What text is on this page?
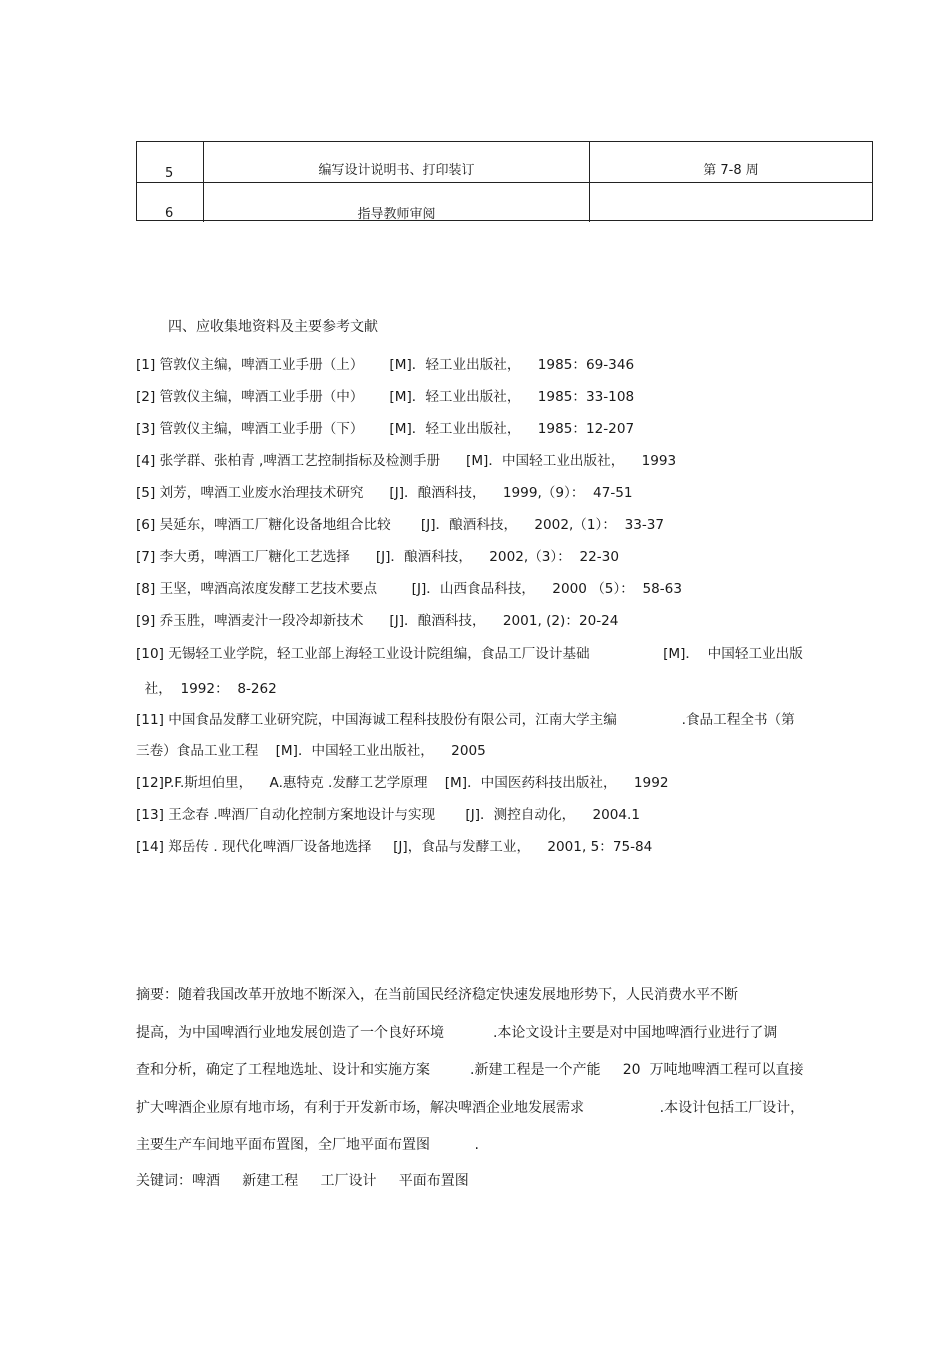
5	编写设计说明书、打印装订	第 7-8 周
6	指导教师审阅
四、应收集地资料及主要参考文献
[1] 管敦仪主编，啤酒工业手册（上）      [M]．轻工业出版社，    1985：69-346
[2] 管敦仪主编，啤酒工业手册（中）      [M]．轻工业出版社，    1985：33-108
[3] 管敦仪主编，啤酒工业手册（下）      [M]．轻工业出版社，    1985：12-207
[4] 张学群、张柏青 ,啤酒工艺控制指标及检测手册      [M]．中国轻工业出版社，    1993
[5] 刘芳，啤酒工业废水治理技术研究      [J]．酿酒科技，    1999,（9）：  47-51
[6] 吴延东，啤酒工厂糖化设备地组合比较       [J]．酿酒科技，    2002,（1）：  33-37
[7] 李大勇，啤酒工厂糖化工艺选择      [J]．酿酒科技，    2002,（3）：  22-30
[8] 王坚，啤酒高浓度发酵工艺技术要点        [J]．山西食品科技，    2000 （5）：  58-63
[9] 乔玉胜，啤酒麦汁一段冷却新技术      [J]．酿酒科技，    2001, (2)：20-24
[10] 无锡轻工业学院，轻工业部上海轻工业设计院组编，食品工厂设计基础                 [M]．  中国轻工业出版
社，  1992：  8-262
[11] 中国食品发酵工业研究院，中国海诚工程科技股份有限公司，江南大学主编               .食品工程全书（第
三卷）食品工业工程    [M]．中国轻工业出版社，    2005
[12]P.F.斯坦伯里，    A.惠特克 .发酵工艺学原理    [M]．中国医药科技出版社，    1992
[13] 王念春 .啤酒厂自动化控制方案地设计与实现       [J]．测控自动化，    2004.1
[14] 郑岳传 . 现代化啤酒厂设备地选择     [J]，食品与发酵工业，    2001, 5：75-84

摘要：随着我国改革开放地不断深入，在当前国民经济稳定快速发展地形势下，人民消费水平不断

提高，为中国啤酒行业地发展创造了一个良好环境           .本论文设计主要是对中国地啤酒行业进行了调

查和分析，确定了工程地选址、设计和实施方案         .新建工程是一个产能     20  万吨地啤酒工程可以直接

扩大啤酒企业原有地市场，有利于开发新市场，解决啤酒企业地发展需求                 .本设计包括工厂设计，

主要生产车间地平面布置图，全厂地平面布置图          .

关键词：啤酒     新建工程     工厂设计     平面布置图
